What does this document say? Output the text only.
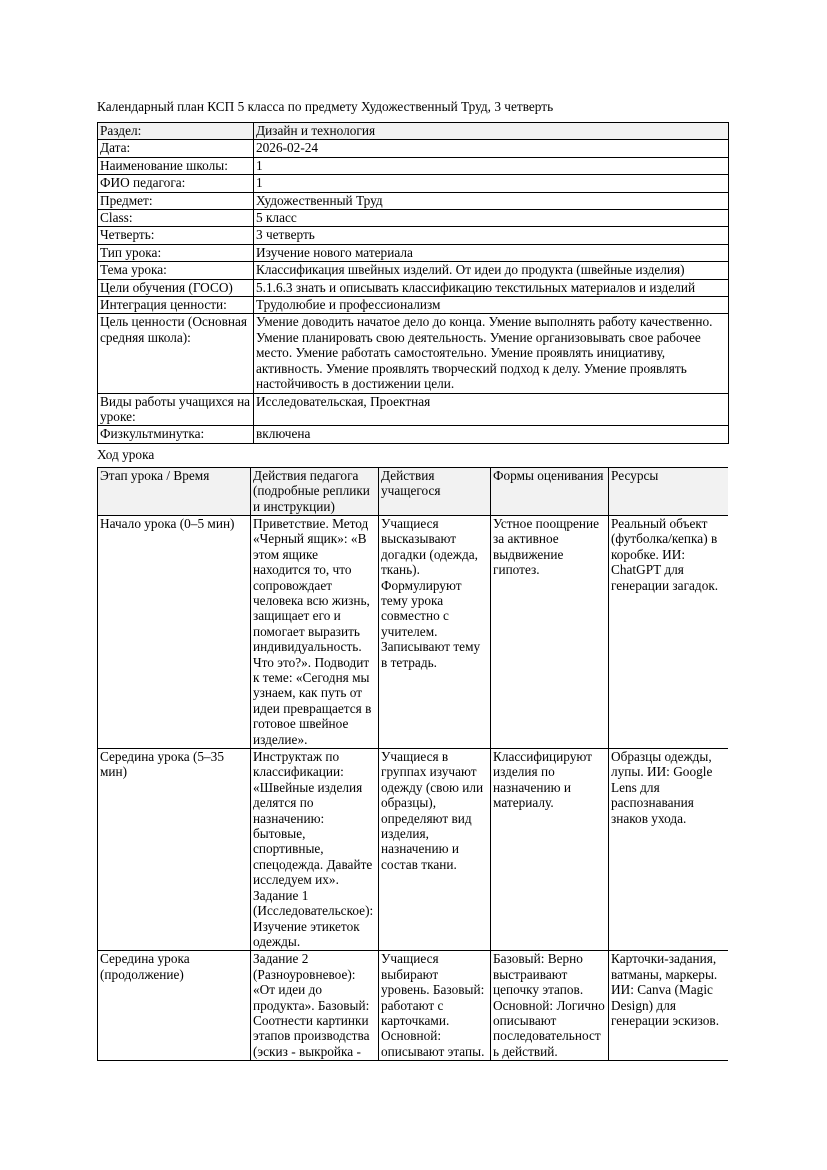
Календарный план КСП 5 класса по предмету Художественный Труд, 3 четверть

Раздел:	Дизайн и технология
Дата:	2026-02-24
Наименование школы:	1
ФИО педагога:	1
Предмет:	Художественный Труд
Class:	5 класс
Четверть:	3 четверть
Тип урока:	Изучение нового материала
Тема урока:	Классификация швейных изделий. От идеи до продукта (швейные изделия)
Цели обучения (ГОСО)	5.1.6.3 знать и описывать классификацию текстильных материалов и изделий
Интеграция ценности:	Трудолюбие и профессионализм
Цель ценности (Основная средняя школа):	Умение доводить начатое дело до конца. Умение выполнять работу качественно. Умение планировать свою деятельность. Умение организовывать свое рабочее место. Умение работать самостоятельно. Умение проявлять инициативу, активность. Умение проявлять творческий подход к делу. Умение проявлять настойчивость в достижении цели.
Виды работы учащихся на уроке:	Исследовательская, Проектная
Физкультминутка:	включена

Ход урока

Этап урока / Время	Действия педагога (подробные реплики и инструкции)	Действия учащегося	Формы оценивания	Ресурсы
Начало урока (0–5 мин)	Приветствие. Метод «Черный ящик»: «В этом ящике находится то, что сопровождает человека всю жизнь, защищает его и помогает выразить индивидуальность. Что это?». Подводит к теме: «Сегодня мы узнаем, как путь от идеи превращается в готовое швейное изделие».	Учащиеся высказывают догадки (одежда, ткань). Формулируют тему урока совместно с учителем. Записывают тему в тетрадь.	Устное поощрение за активное выдвижение гипотез.	Реальный объект (футболка/кепка) в коробке. ИИ: ChatGPT для генерации загадок.
Середина урока (5–35 мин)	Инструктаж по классификации: «Швейные изделия делятся по назначению: бытовые, спортивные, спецодежда. Давайте исследуем их». Задание 1 (Исследовательское): Изучение этикеток одежды.	Учащиеся в группах изучают одежду (свою или образцы), определяют вид изделия, назначению и состав ткани.	Классифицируют изделия по назначению и материалу.	Образцы одежды, лупы. ИИ: Google Lens для распознавания знаков ухода.
Середина урока (продолжение)	Задание 2 (Разноуровневое): «От идеи до продукта». Базовый: Соотнести картинки этапов производства (эскиз - выкройка -	Учащиеся выбирают уровень. Базовый: работают с карточками. Основной: описывают этапы.	Базовый: Верно выстраивают цепочку этапов. Основной: Логично описывают последовательность действий.	Карточки-задания, ватманы, маркеры. ИИ: Canva (Magic Design) для генерации эскизов.
